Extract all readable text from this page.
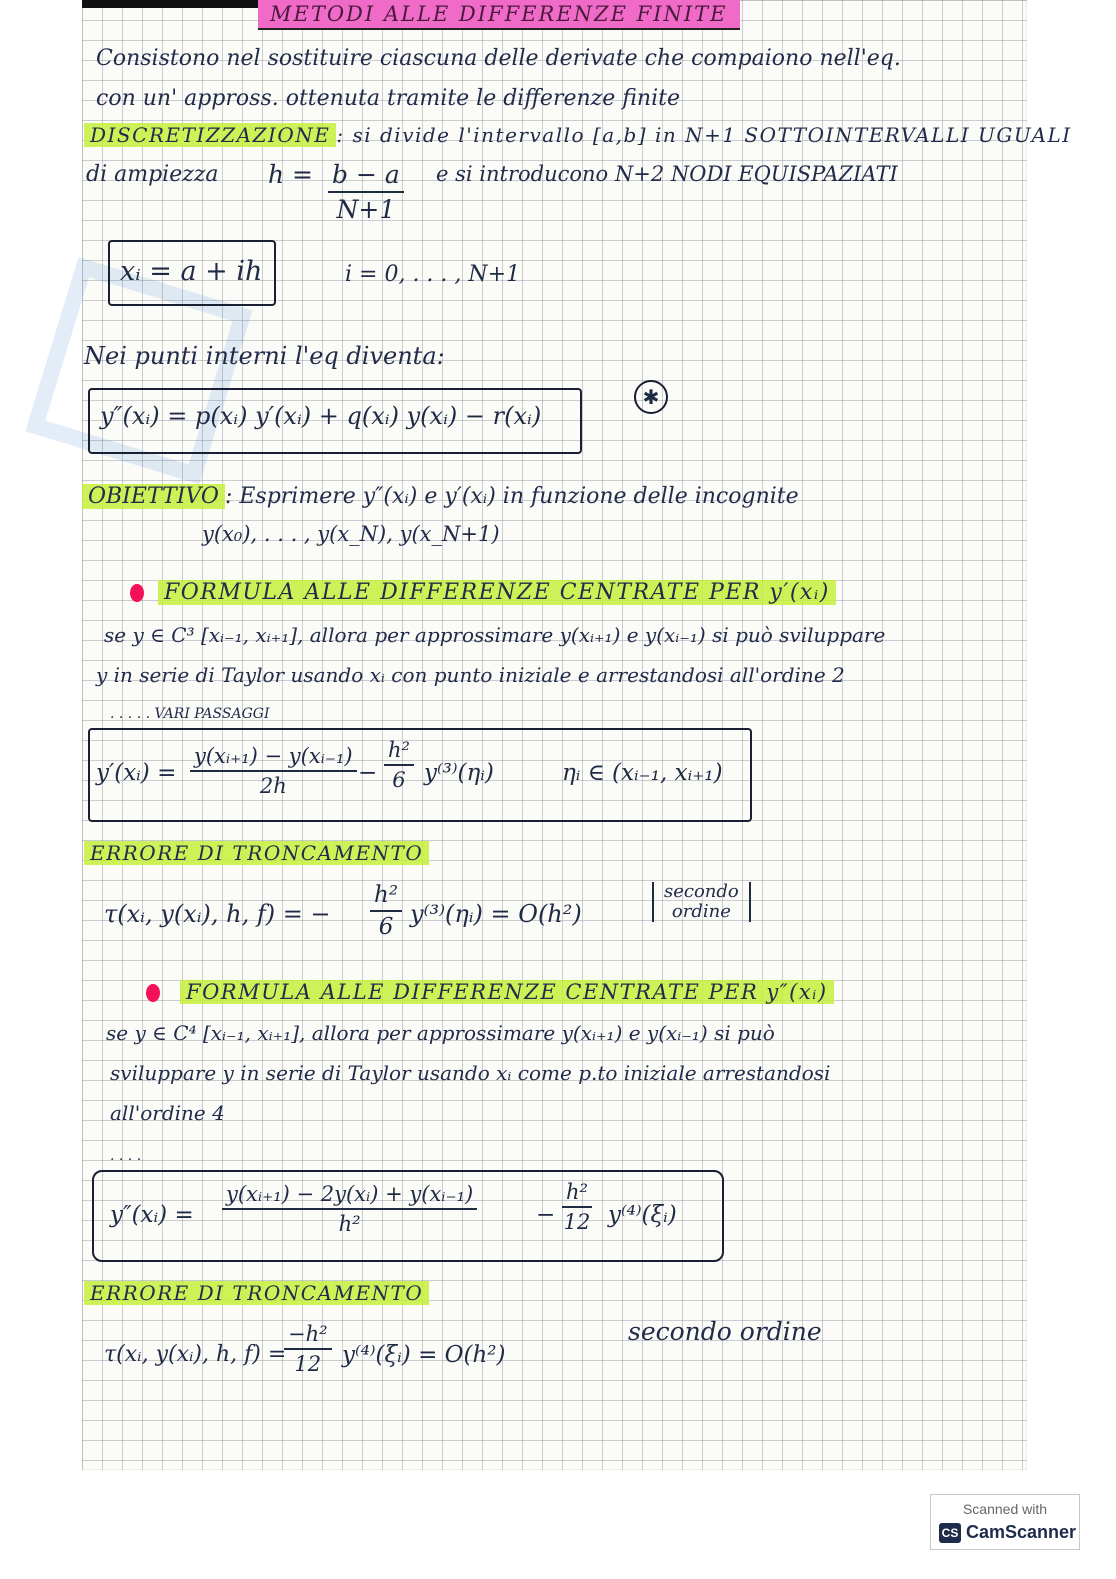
METODI ALLE DIFFERENZE FINITE
Consistono nel sostituire ciascuna delle derivate che compaiono nell'eq.
con un' appross. ottenuta tramite le differenze finite
DISCRETIZZAZIONE : si divide l'intervallo [a,b] in N+1 SOTTOINTERVALLI UGUALI
di ampiezza $h = \frac{b - a}{N+1}$ e si introducono N+2 NODI EQUISPAZIATI
xᵢ = a + ih	i = 0, . . . , N+1
Nei punti interni l'eq diventa:
y″(xᵢ) = p(xᵢ) y′(xᵢ) + q(xᵢ) y(xᵢ) − r(xᵢ)
✱
OBIETTIVO : Esprimere y″(xᵢ) e y′(xᵢ) in funzione delle incognite
y(x₀), . . . , y(x_N), y(x_N+1)
FORMULA ALLE DIFFERENZE CENTRATE PER y′(xᵢ)
se y ∈ C³ [xᵢ₋₁, xᵢ₊₁], allora per approssimare y(xᵢ₊₁) e y(xᵢ₋₁) si può sviluppare
y in serie di Taylor usando xᵢ con punto iniziale e arrestandosi all'ordine 2
. . . . . VARI PASSAGGI
y′(xᵢ) = $\frac{\text{y(xᵢ₊₁) − y(xᵢ₋₁)}}{2h} - \frac{\text{h²}}{6}$ y⁽³⁾(ηᵢ)	ηᵢ ∈ (xᵢ₋₁, xᵢ₊₁)
ERRORE DI TRONCAMENTO
τ(xᵢ, y(xᵢ), h, f) = − $\frac{\text{h²}}{6}$ y⁽³⁾(ηᵢ) = O(h²)
secondo
ordine
FORMULA ALLE DIFFERENZE CENTRATE PER y″(xᵢ)
se y ∈ C⁴ [xᵢ₋₁, xᵢ₊₁], allora per approssimare y(xᵢ₊₁) e y(xᵢ₋₁) si può
sviluppare y in serie di Taylor usando xᵢ come p.to iniziale arrestandosi
all'ordine 4
. . . .
y″(xᵢ) = $\frac{\text{y(xᵢ₊₁) − 2y(xᵢ) + y(xᵢ₋₁)}}{\text{h²}}$	− $\frac{\text{h²}}{12}$ y⁽⁴⁾(ξᵢ)
ERRORE DI TRONCAMENTO
τ(xᵢ, y(xᵢ), h, f) =
$\frac{\text{−h²}}{12}$ y⁽⁴⁾(ξᵢ) = O(h²)
secondo ordine
Scanned with
CS CamScanner
